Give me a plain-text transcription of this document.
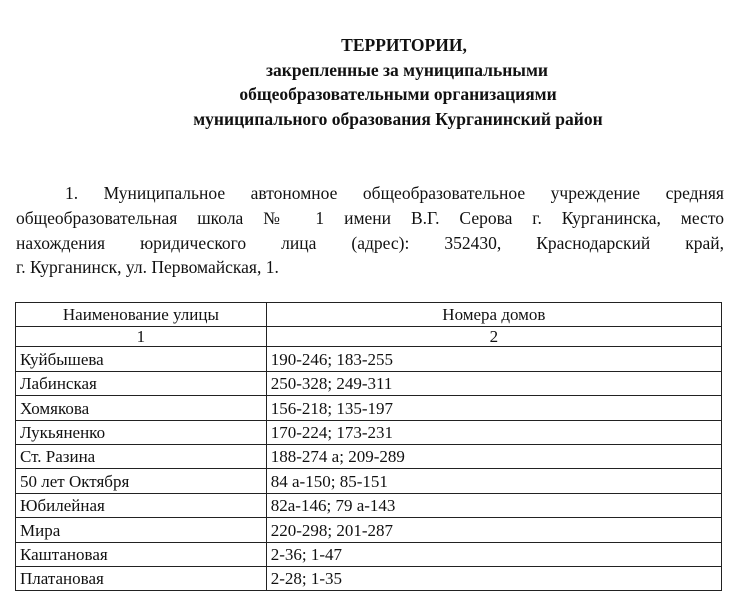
ТЕРРИТОРИИ,
закрепленные за муниципальными
общеобразовательными организациями
муниципального образования Курганинский район
1. Муниципальное автономное общеобразовательное учреждение средняя
общеобразовательная школа № 1 имени В.Г. Серова г. Курганинска, место
нахождения юридического лица (адрес): 352430, Краснодарский край,
г. Курганинск, ул. Первомайская, 1.
Наименование улицы	Номера домов
1	2
Куйбышева	190-246; 183-255
Лабинская	250-328; 249-311
Хомякова	156-218; 135-197
Лукьяненко	170-224; 173-231
Ст. Разина	188-274 а; 209-289
50 лет Октября	84 а-150; 85-151
Юбилейная	82а-146; 79 а-143
Мира	220-298; 201-287
Каштановая	2-36; 1-47
Платановая	2-28; 1-35
